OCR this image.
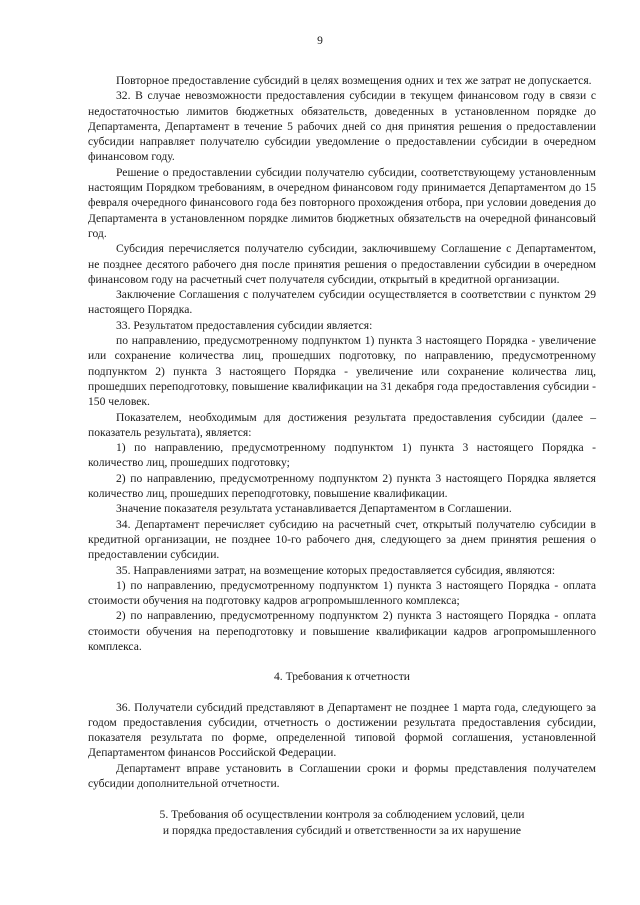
9

Повторное предоставление субсидий в целях возмещения одних и тех же затрат не допускается.

32. В случае невозможности предоставления субсидии в текущем финансовом году в связи с недостаточностью лимитов бюджетных обязательств, доведенных в установленном порядке до Департамента, Департамент в течение 5 рабочих дней со дня принятия решения о предоставлении субсидии направляет получателю субсидии уведомление о предоставлении субсидии в очередном финансовом году.

Решение о предоставлении субсидии получателю субсидии, соответствующему установленным настоящим Порядком требованиям, в очередном финансовом году принимается Департаментом до 15 февраля очередного финансового года без повторного прохождения отбора, при условии доведения до Департамента в установленном порядке лимитов бюджетных обязательств на очередной финансовый год.

Субсидия перечисляется получателю субсидии, заключившему Соглашение с Департаментом, не позднее десятого рабочего дня после принятия решения о предоставлении субсидии в очередном финансовом году на расчетный счет получателя субсидии, открытый в кредитной организации.

Заключение Соглашения с получателем субсидии осуществляется в соответствии с пунктом 29 настоящего Порядка.

33. Результатом предоставления субсидии является:

по направлению, предусмотренному подпунктом 1) пункта 3 настоящего Порядка - увеличение или сохранение количества лиц, прошедших подготовку, по направлению, предусмотренному подпунктом 2) пункта 3 настоящего Порядка - увеличение или сохранение количества лиц, прошедших переподготовку, повышение квалификации на 31 декабря года предоставления субсидии - 150 человек.

Показателем, необходимым для достижения результата предоставления субсидии (далее – показатель результата), является:

1) по направлению, предусмотренному подпунктом 1) пункта 3 настоящего Порядка - количество лиц, прошедших подготовку;

2) по направлению, предусмотренному подпунктом 2) пункта 3 настоящего Порядка является количество лиц, прошедших переподготовку, повышение квалификации.

Значение показателя результата устанавливается Департаментом в Соглашении.

34. Департамент перечисляет субсидию на расчетный счет, открытый получателю субсидии в кредитной организации, не позднее 10-го рабочего дня, следующего за днем принятия решения о предоставлении субсидии.

35. Направлениями затрат, на возмещение которых предоставляется субсидия, являются:

1) по направлению, предусмотренному подпунктом 1) пункта 3 настоящего Порядка - оплата стоимости обучения на подготовку кадров агропромышленного комплекса;

2) по направлению, предусмотренному подпунктом 2) пункта 3 настоящего Порядка - оплата стоимости обучения на переподготовку и повышение квалификации кадров агропромышленного комплекса.

4. Требования к отчетности

36. Получатели субсидий представляют в Департамент не позднее 1 марта года, следующего за годом предоставления субсидии, отчетность о достижении результата предоставления субсидии, показателя результата по форме, определенной типовой формой соглашения, установленной Департаментом финансов Российской Федерации.

Департамент вправе установить в Соглашении сроки и формы представления получателем субсидии дополнительной отчетности.

5. Требования об осуществлении контроля за соблюдением условий, цели

и порядка предоставления субсидий и ответственности за их нарушение
